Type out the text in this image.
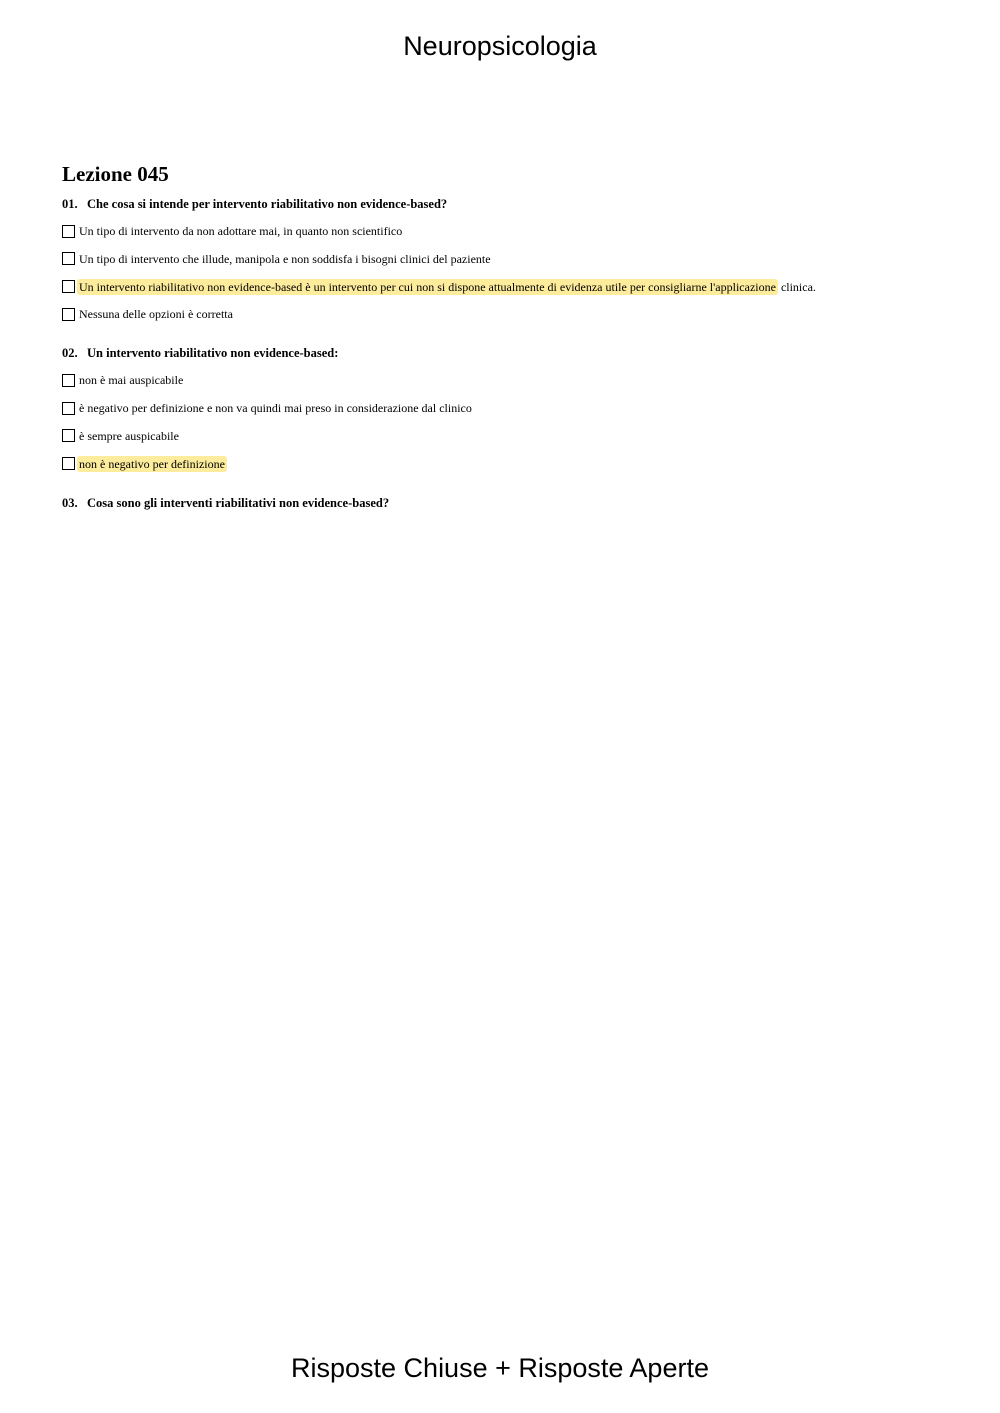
Neuropsicologia
Lezione 045
01. Che cosa si intende per intervento riabilitativo non evidence-based?
Un tipo di intervento da non adottare mai, in quanto non scientifico
Un tipo di intervento che illude, manipola e non soddisfa i bisogni clinici del paziente
Un intervento riabilitativo non evidence-based è un intervento per cui non si dispone attualmente di evidenza utile per consigliarne l'applicazione clinica.
Nessuna delle opzioni è corretta
02. Un intervento riabilitativo non evidence-based:
non è mai auspicabile
è negativo per definizione e non va quindi mai preso in considerazione dal clinico
è sempre auspicabile
non è negativo per definizione
03. Cosa sono gli interventi riabilitativi non evidence-based?
Risposte Chiuse + Risposte Aperte
